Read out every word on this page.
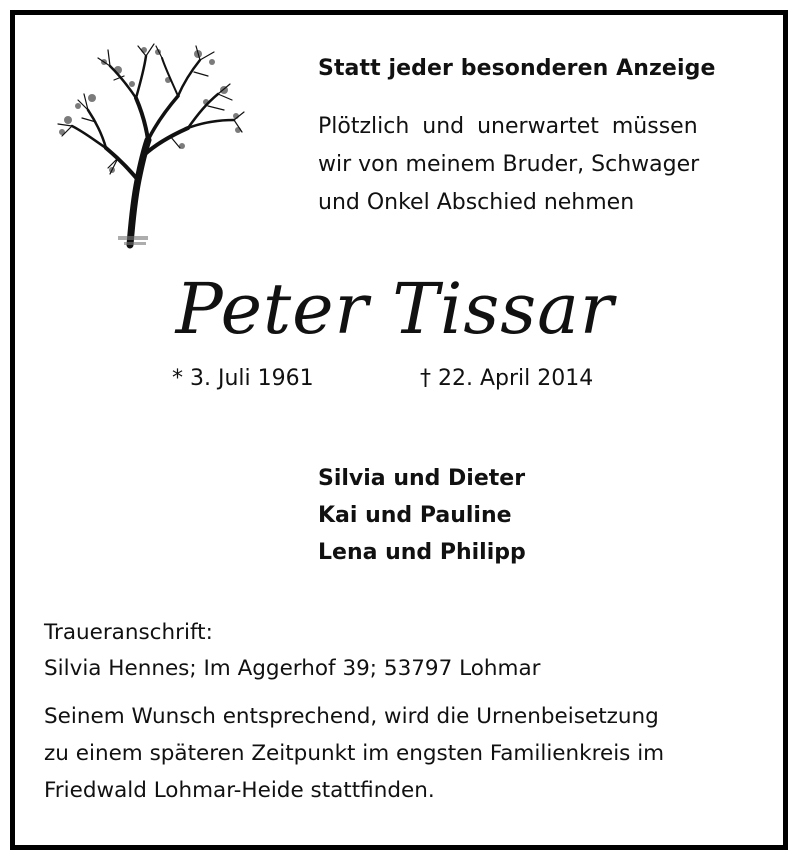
Statt jeder besonderen Anzeige
Plötzlich und unerwartet müssen
wir von meinem Bruder, Schwager
und Onkel Abschied nehmen
Peter Tissar
* 3. Juli 1961	† 22. April 2014
Silvia und Dieter
Kai und Pauline
Lena und Philipp
Traueranschrift:
Silvia Hennes; Im Aggerhof 39; 53797 Lohmar
Seinem Wunsch entsprechend, wird die Urnenbeisetzung
zu einem späteren Zeitpunkt im engsten Familienkreis im
Friedwald Lohmar-Heide stattfinden.
